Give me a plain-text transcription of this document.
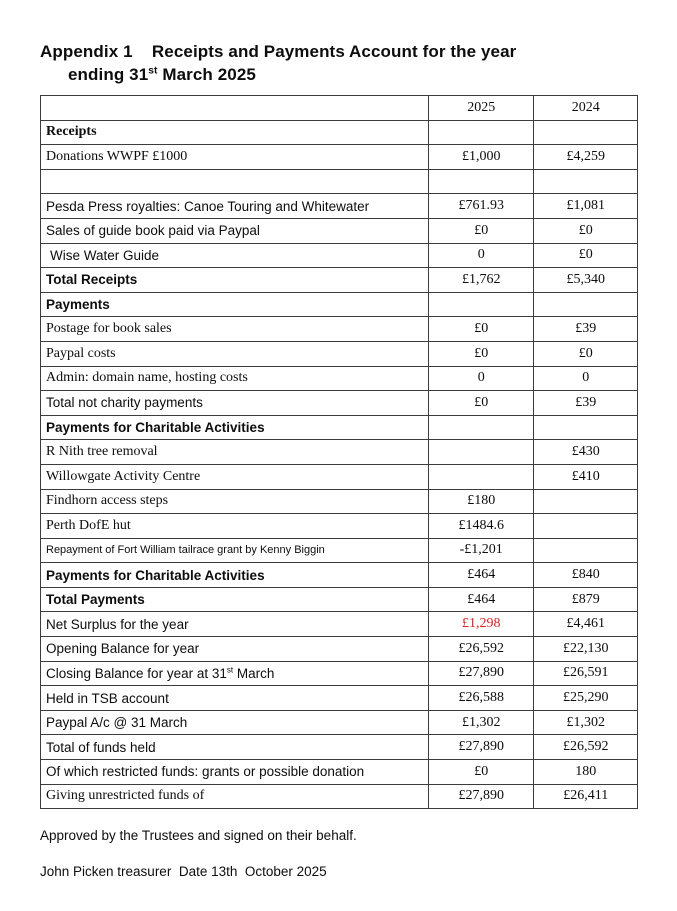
Appendix 1    Receipts and Payments Account for the year
ending 31st March 2025
	2025	2024
Receipts		
Donations WWPF £1000	£1,000	£4,259

Pesda Press royalties: Canoe Touring and Whitewater	£761.93	£1,081
Sales of guide book paid via Paypal	£0	£0
Wise Water Guide	0	£0
Total Receipts	£1,762	£5,340
Payments		
Postage for book sales	£0	£39
Paypal costs	£0	£0
Admin: domain name, hosting costs	0	0
Total not charity payments	£0	£39
Payments for Charitable Activities		
R Nith tree removal		£430
Willowgate Activity Centre		£410
Findhorn access steps	£180	
Perth DofE hut	£1484.6	
Repayment of Fort William tailrace grant by Kenny Biggin	-£1,201	
Payments for Charitable Activities	£464	£840
Total Payments	£464	£879
Net Surplus for the year	£1,298	£4,461
Opening Balance for year	£26,592	£22,130
Closing Balance for year at 31st March	£27,890	£26,591
Held in TSB account	£26,588	£25,290
Paypal A/c @ 31 March	£1,302	£1,302
Total of funds held	£27,890	£26,592
Of which restricted funds: grants or possible donation	£0	180
Giving unrestricted funds of	£27,890	£26,411
Approved by the Trustees and signed on their behalf.
John Picken treasurer  Date 13th  October 2025
